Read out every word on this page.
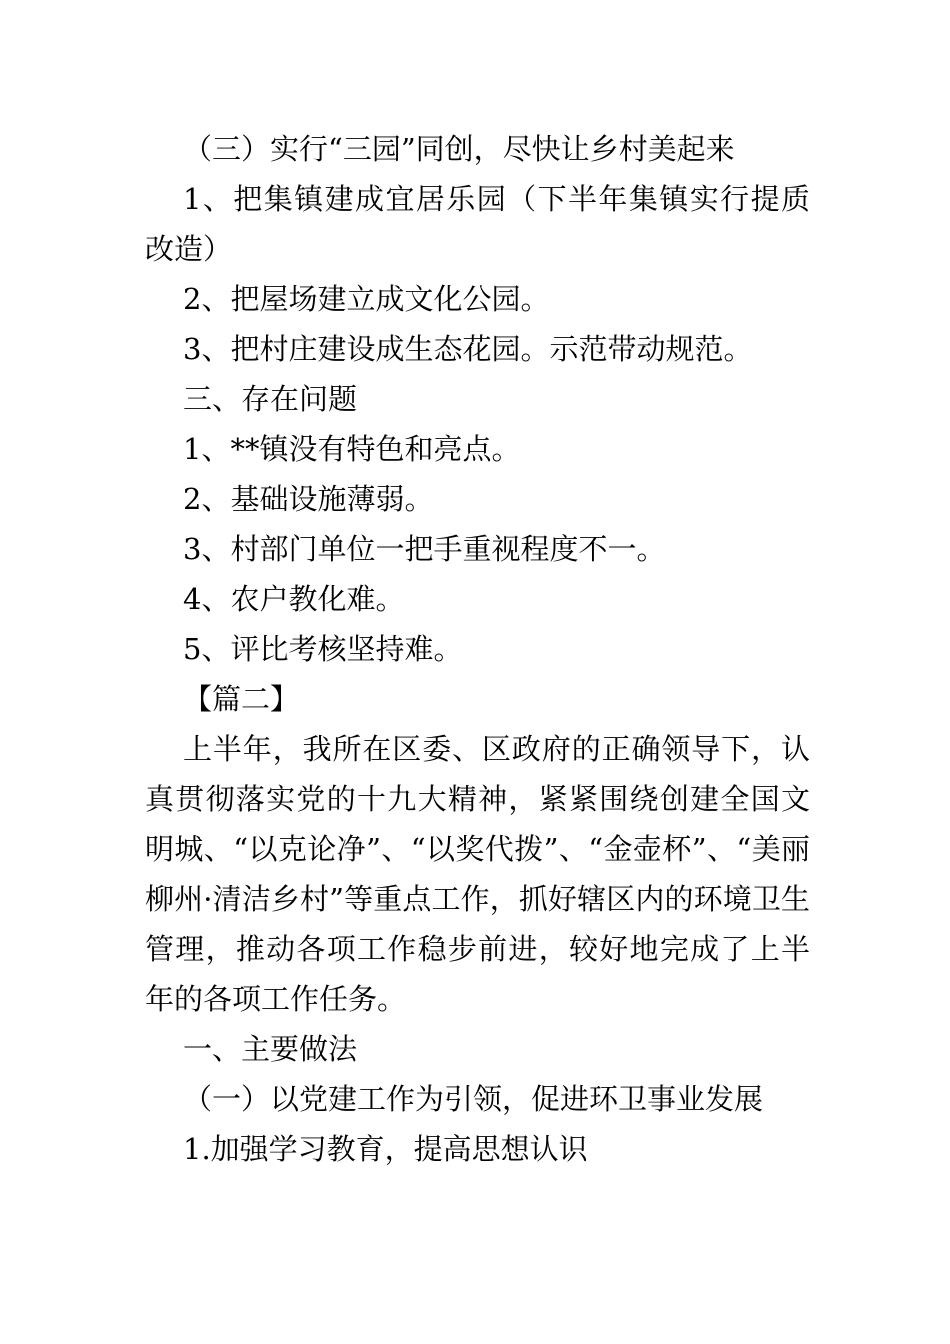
（三）实行“三园”同创，尽快让乡村美起来

1、把集镇建成宜居乐园（下半年集镇实行提质改造）

2、把屋场建立成文化公园。

3、把村庄建设成生态花园。示范带动规范。

三、存在问题

1、**镇没有特色和亮点。

2、基础设施薄弱。

3、村部门单位一把手重视程度不一。

4、农户教化难。

5、评比考核坚持难。

【篇二】

上半年，我所在区委、区政府的正确领导下，认真贯彻落实党的十九大精神，紧紧围绕创建全国文明城、“以克论净”、“以奖代拨”、“金壶杯”、“美丽柳州·清洁乡村”等重点工作，抓好辖区内的环境卫生管理，推动各项工作稳步前进，较好地完成了上半年的各项工作任务。

一、主要做法

（一）以党建工作为引领，促进环卫事业发展

1.加强学习教育，提高思想认识
